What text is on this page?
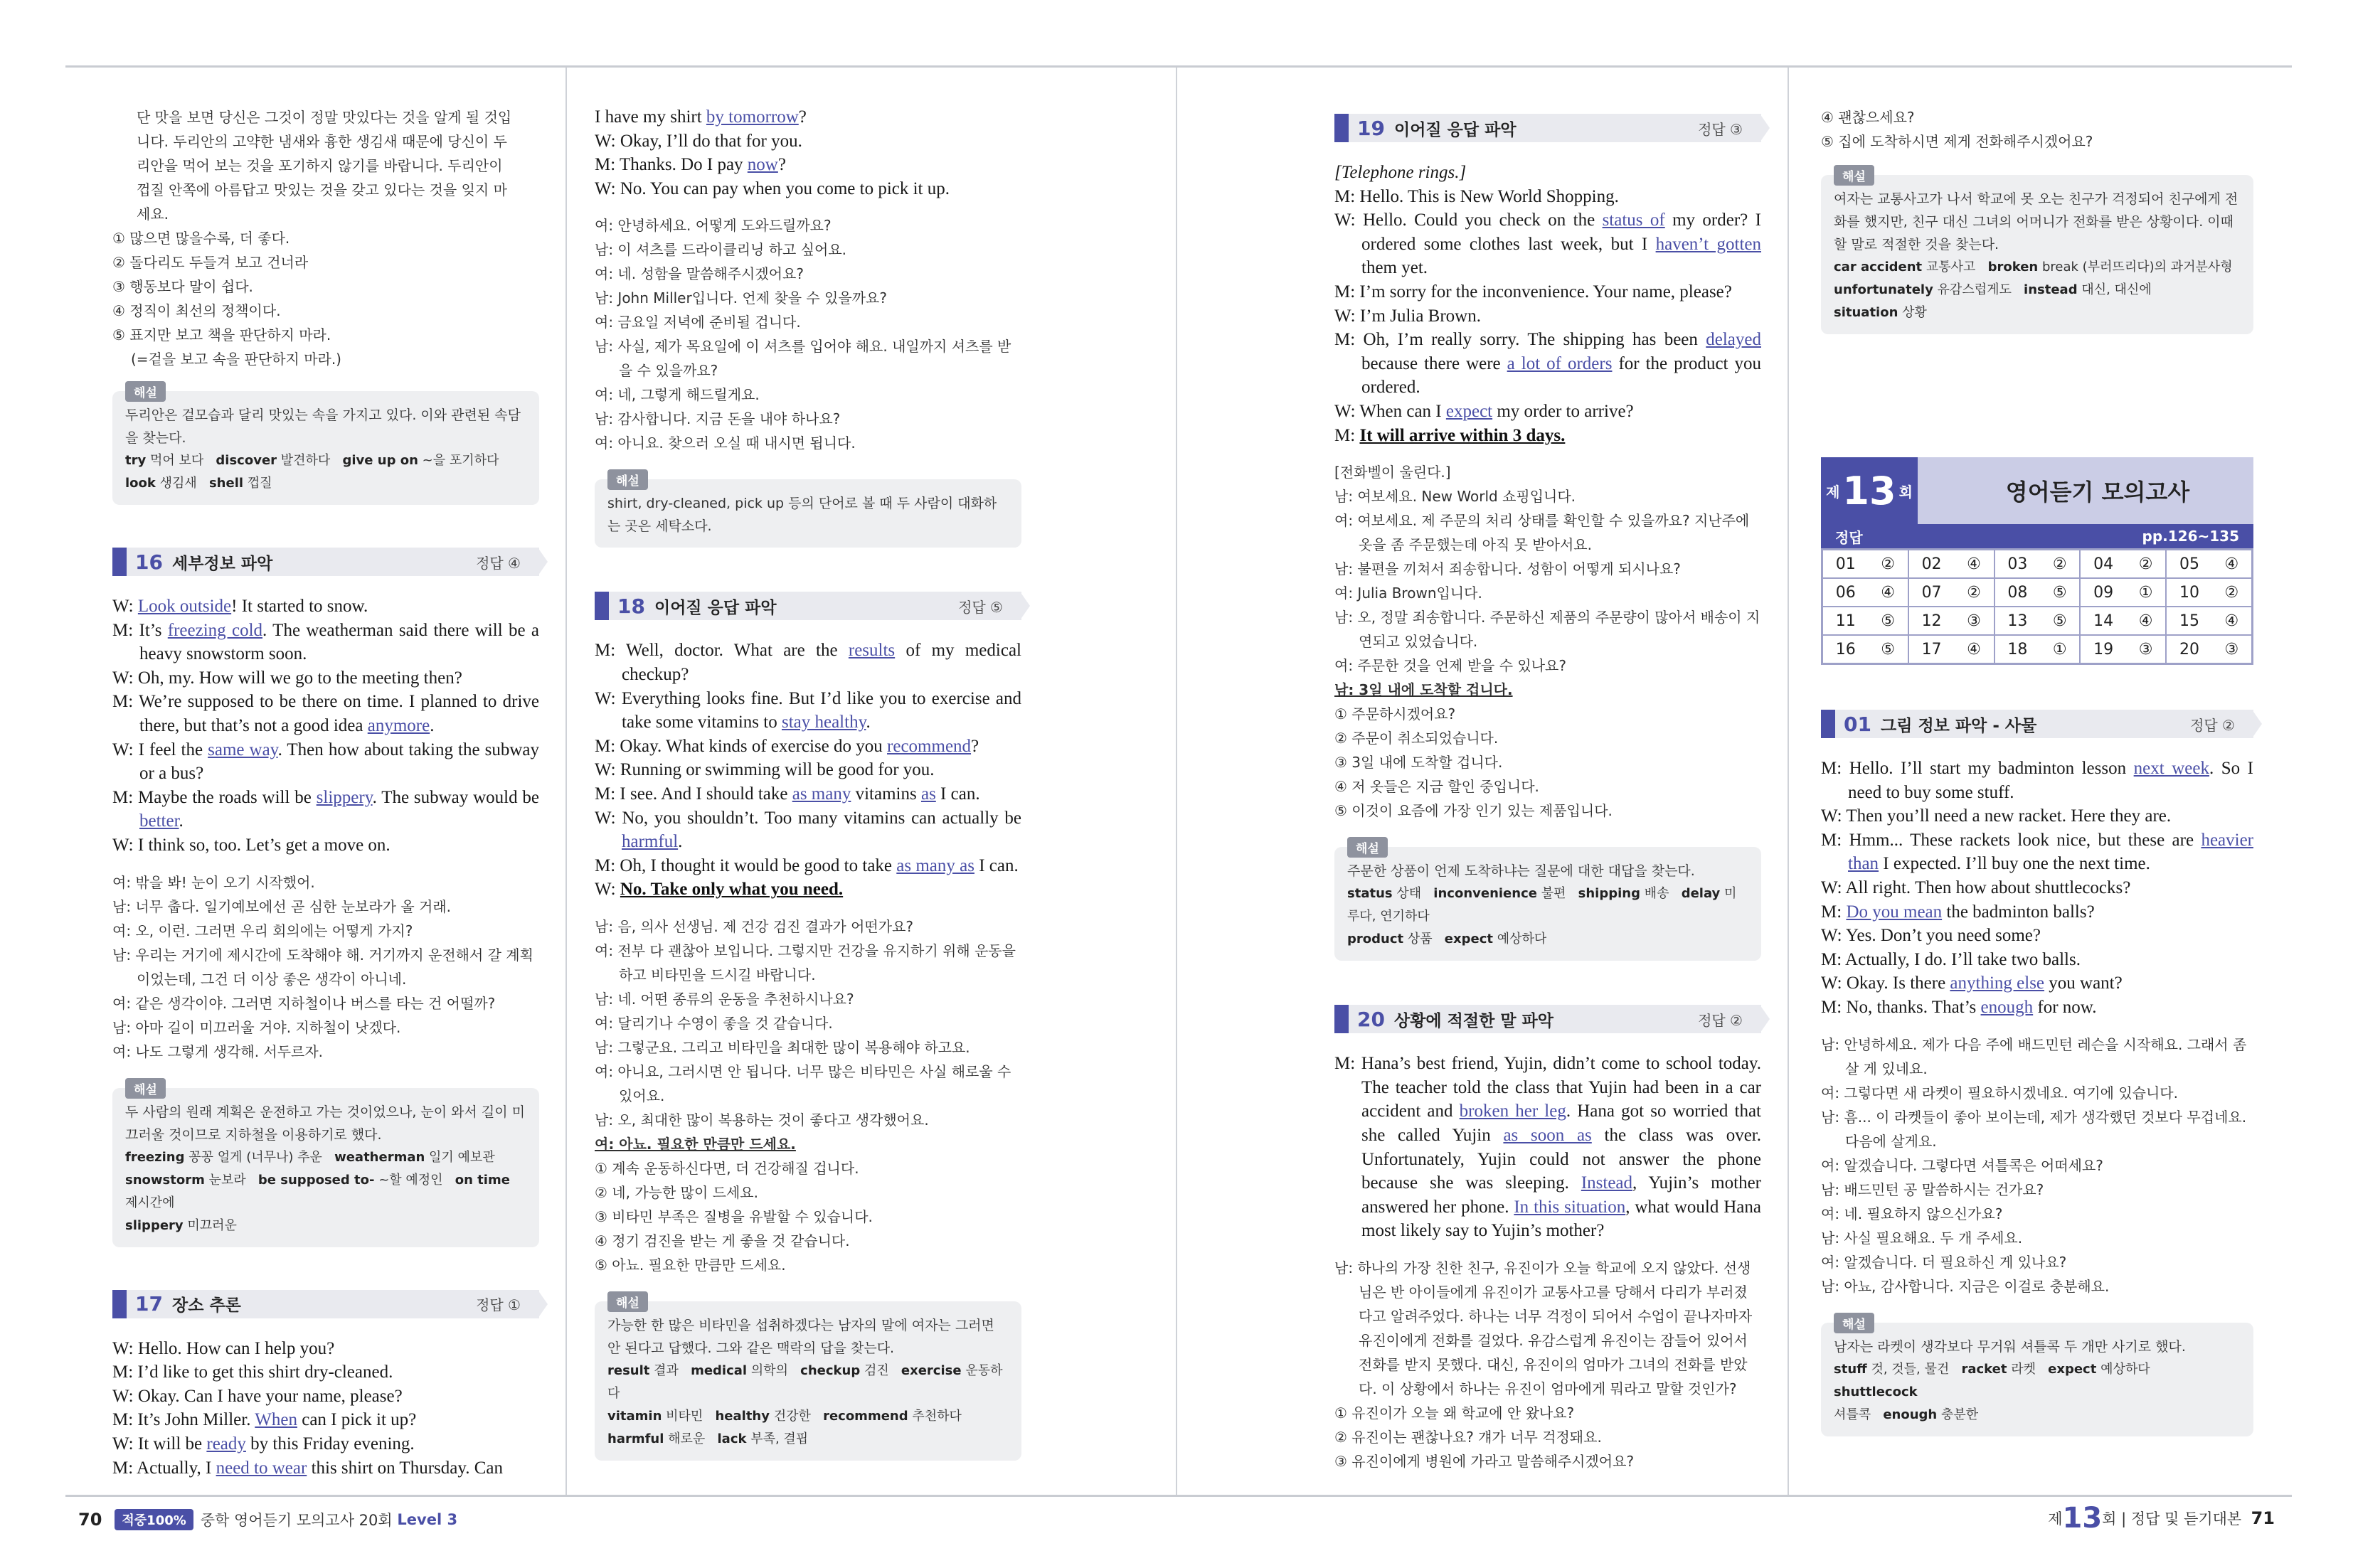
단 맛을 보면 당신은 그것이 정말 맛있다는 것을 알게 될 것입
니다. 두리안의 고약한 냄새와 흉한 생김새 때문에 당신이 두
리안을 먹어 보는 것을 포기하지 않기를 바랍니다. 두리안이
껍질 안쪽에 아름답고 맛있는 것을 갖고 있다는 것을 잊지 마
세요.
① 많으면 많을수록, 더 좋다.
② 돌다리도 두들겨 보고 건너라
③ 행동보다 말이 쉽다.
④ 정직이 최선의 정책이다.
⑤ 표지만 보고 책을 판단하지 마라.
(=겉을 보고 속을 판단하지 마라.)
해설
두리안은 겉모습과 달리 맛있는 속을 가지고 있다. 이와 관련된 속담을 찾는다.
try 먹어 보다 discover 발견하다 give up on ~을 포기하다
look 생김새 shell 껍질
16 세부정보 파악	정답 ④

W: Look outside! It started to snow.

M: It’s freezing cold. The weatherman said there will be a heavy snowstorm soon.

W: Oh, my. How will we go to the meeting then?

M: We’re supposed to be there on time. I planned to drive there, but that’s not a good idea anymore.

W: I feel the same way. Then how about taking the subway or a bus?

M: Maybe the roads will be slippery. The subway would be better.

W: I think so, too. Let’s get a move on.

여: 밖을 봐! 눈이 오기 시작했어.
남: 너무 춥다. 일기예보에선 곧 심한 눈보라가 올 거래.
여: 오, 이런. 그러면 우리 회의에는 어떻게 가지?
남: 우리는 거기에 제시간에 도착해야 해. 거기까지 운전해서 갈 계획이었는데, 그건 더 이상 좋은 생각이 아니네.
여: 같은 생각이야. 그러면 지하철이나 버스를 타는 건 어떨까?
남: 아마 길이 미끄러울 거야. 지하철이 낫겠다.
여: 나도 그렇게 생각해. 서두르자.
해설
두 사람의 원래 계획은 운전하고 가는 것이었으나, 눈이 와서 길이 미끄러울 것이므로 지하철을 이용하기로 했다.
freezing 꽁꽁 얼게 (너무나) 추운 weatherman 일기 예보관
snowstorm 눈보라 be supposed to- ~할 예정인 on time 제시간에
slippery 미끄러운
17 장소 추론	정답 ①

W: Hello. How can I help you?

M: I’d like to get this shirt dry-cleaned.

W: Okay. Can I have your name, please?

M: It’s John Miller. When can I pick it up?

W: It will be ready by this Friday evening.

M: Actually, I need to wear this shirt on Thursday. Can

I have my shirt by tomorrow?

W: Okay, I’ll do that for you.

M: Thanks. Do I pay now?

W: No. You can pay when you come to pick it up.

여: 안녕하세요. 어떻게 도와드릴까요?
남: 이 셔츠를 드라이클리닝 하고 싶어요.
여: 네. 성함을 말씀해주시겠어요?
남: John Miller입니다. 언제 찾을 수 있을까요?
여: 금요일 저녁에 준비될 겁니다.
남: 사실, 제가 목요일에 이 셔츠를 입어야 해요. 내일까지 셔츠를 받을 수 있을까요?
여: 네, 그렇게 해드릴게요.
남: 감사합니다. 지금 돈을 내야 하나요?
여: 아니요. 찾으러 오실 때 내시면 됩니다.
해설
shirt, dry-cleaned, pick up 등의 단어로 볼 때 두 사람이 대화하는 곳은 세탁소다.
18 이어질 응답 파악	정답 ⑤

M: Well, doctor. What are the results of my medical checkup?

W: Everything looks fine. But I’d like you to exercise and take some vitamins to stay healthy.

M: Okay. What kinds of exercise do you recommend?

W: Running or swimming will be good for you.

M: I see. And I should take as many vitamins as I can.

W: No, you shouldn’t. Too many vitamins can actually be harmful.

M: Oh, I thought it would be good to take as many as I can.

W: No. Take only what you need.

남: 음, 의사 선생님. 제 건강 검진 결과가 어떤가요?
여: 전부 다 괜찮아 보입니다. 그렇지만 건강을 유지하기 위해 운동을 하고 비타민을 드시길 바랍니다.
남: 네. 어떤 종류의 운동을 추천하시나요?
여: 달리기나 수영이 좋을 것 같습니다.
남: 그렇군요. 그리고 비타민을 최대한 많이 복용해야 하고요.
여: 아니요, 그러시면 안 됩니다. 너무 많은 비타민은 사실 해로울 수 있어요.
남: 오, 최대한 많이 복용하는 것이 좋다고 생각했어요.
여: 아뇨. 필요한 만큼만 드세요.
① 계속 운동하신다면, 더 건강해질 겁니다.
② 네, 가능한 많이 드세요.
③ 비타민 부족은 질병을 유발할 수 있습니다.
④ 정기 검진을 받는 게 좋을 것 같습니다.
⑤ 아뇨. 필요한 만큼만 드세요.
해설
가능한 한 많은 비타민을 섭취하겠다는 남자의 말에 여자는 그러면 안 된다고 답했다. 그와 같은 맥락의 답을 찾는다.
result 결과 medical 의학의 checkup 검진 exercise 운동하다
vitamin 비타민 healthy 건강한 recommend 추천하다
harmful 해로운 lack 부족, 결핍
19 이어질 응답 파악	정답 ③

[Telephone rings.]

M: Hello. This is New World Shopping.

W: Hello. Could you check on the status of my order? I ordered some clothes last week, but I haven’t gotten them yet.

M: I’m sorry for the inconvenience. Your name, please?

W: I’m Julia Brown.

M: Oh, I’m really sorry. The shipping has been delayed because there were a lot of orders for the product you ordered.

W: When can I expect my order to arrive?

M: It will arrive within 3 days.

[전화벨이 울린다.]
남: 여보세요. New World 쇼핑입니다.
여: 여보세요. 제 주문의 처리 상태를 확인할 수 있을까요? 지난주에 옷을 좀 주문했는데 아직 못 받아서요.
남: 불편을 끼쳐서 죄송합니다. 성함이 어떻게 되시나요?
여: Julia Brown입니다.
남: 오, 정말 죄송합니다. 주문하신 제품의 주문량이 많아서 배송이 지연되고 있었습니다.
여: 주문한 것을 언제 받을 수 있나요?
남: 3일 내에 도착할 겁니다.
① 주문하시겠어요?
② 주문이 취소되었습니다.
③ 3일 내에 도착할 겁니다.
④ 저 옷들은 지금 할인 중입니다.
⑤ 이것이 요즘에 가장 인기 있는 제품입니다.
해설
주문한 상품이 언제 도착하냐는 질문에 대한 대답을 찾는다.
status 상태 inconvenience 불편 shipping 배송 delay 미루다, 연기하다
product 상품 expect 예상하다
20 상황에 적절한 말 파악	정답 ②

M: Hana’s best friend, Yujin, didn’t come to school today. The teacher told the class that Yujin had been in a car accident and broken her leg. Hana got so worried that she called Yujin as soon as the class was over. Unfortunately, Yujin could not answer the phone because she was sleeping. Instead, Yujin’s mother answered her phone. In this situation, what would Hana most likely say to Yujin’s mother?

남: 하나의 가장 친한 친구, 유진이가 오늘 학교에 오지 않았다. 선생님은 반 아이들에게 유진이가 교통사고를 당해서 다리가 부러졌다고 알려주었다. 하나는 너무 걱정이 되어서 수업이 끝나자마자 유진이에게 전화를 걸었다. 유감스럽게 유진이는 잠들어 있어서 전화를 받지 못했다. 대신, 유진이의 엄마가 그녀의 전화를 받았다. 이 상황에서 하나는 유진이 엄마에게 뭐라고 말할 것인가?
① 유진이가 오늘 왜 학교에 안 왔나요?
② 유진이는 괜찮나요? 걔가 너무 걱정돼요.
③ 유진이에게 병원에 가라고 말씀해주시겠어요?
④ 괜찮으세요?
⑤ 집에 도착하시면 제게 전화해주시겠어요?
해설
여자는 교통사고가 나서 학교에 못 오는 친구가 걱정되어 친구에게 전화를 했지만, 친구 대신 그녀의 어머니가 전화를 받은 상황이다. 이때 할 말로 적절한 것을 찾는다.
car accident 교통사고 broken break (부러뜨리다)의 과거분사형
unfortunately 유감스럽게도 instead 대신, 대신에
situation 상황
제 13 회	영어듣기 모의고사
정답	pp.126~135
01 ② 02 ④ 03 ② 04 ② 05 ④
06 ④ 07 ② 08 ⑤ 09 ① 10 ②
11 ⑤ 12 ③ 13 ⑤ 14 ④ 15 ④
16 ⑤ 17 ④ 18 ① 19 ③ 20 ③
01 그림 정보 파악 - 사물	정답 ②

M: Hello. I’ll start my badminton lesson next week. So I need to buy some stuff.

W: Then you’ll need a new racket. Here they are.

M: Hmm... These rackets look nice, but these are heavier than I expected. I’ll buy one the next time.

W: All right. Then how about shuttlecocks?

M: Do you mean the badminton balls?

W: Yes. Don’t you need some?

M: Actually, I do. I’ll take two balls.

W: Okay. Is there anything else you want?

M: No, thanks. That’s enough for now.

남: 안녕하세요. 제가 다음 주에 배드민턴 레슨을 시작해요. 그래서 좀 살 게 있네요.
여: 그렇다면 새 라켓이 필요하시겠네요. 여기에 있습니다.
남: 흠... 이 라켓들이 좋아 보이는데, 제가 생각했던 것보다 무겁네요. 다음에 살게요.
여: 알겠습니다. 그렇다면 셔틀콕은 어떠세요?
남: 배드민턴 공 말씀하시는 건가요?
여: 네. 필요하지 않으신가요?
남: 사실 필요해요. 두 개 주세요.
여: 알겠습니다. 더 필요하신 게 있나요?
남: 아뇨, 감사합니다. 지금은 이걸로 충분해요.
해설
남자는 라켓이 생각보다 무거워 셔틀콕 두 개만 사기로 했다.
stuff 것, 것들, 물건 racket 라켓 expect 예상하다   shuttlecock
셔틀콕 enough 충분한
70	적중100% 중학 영어듣기 모의고사 20회
Level 3	제 13 회 | 정답 및 듣기대본
71
